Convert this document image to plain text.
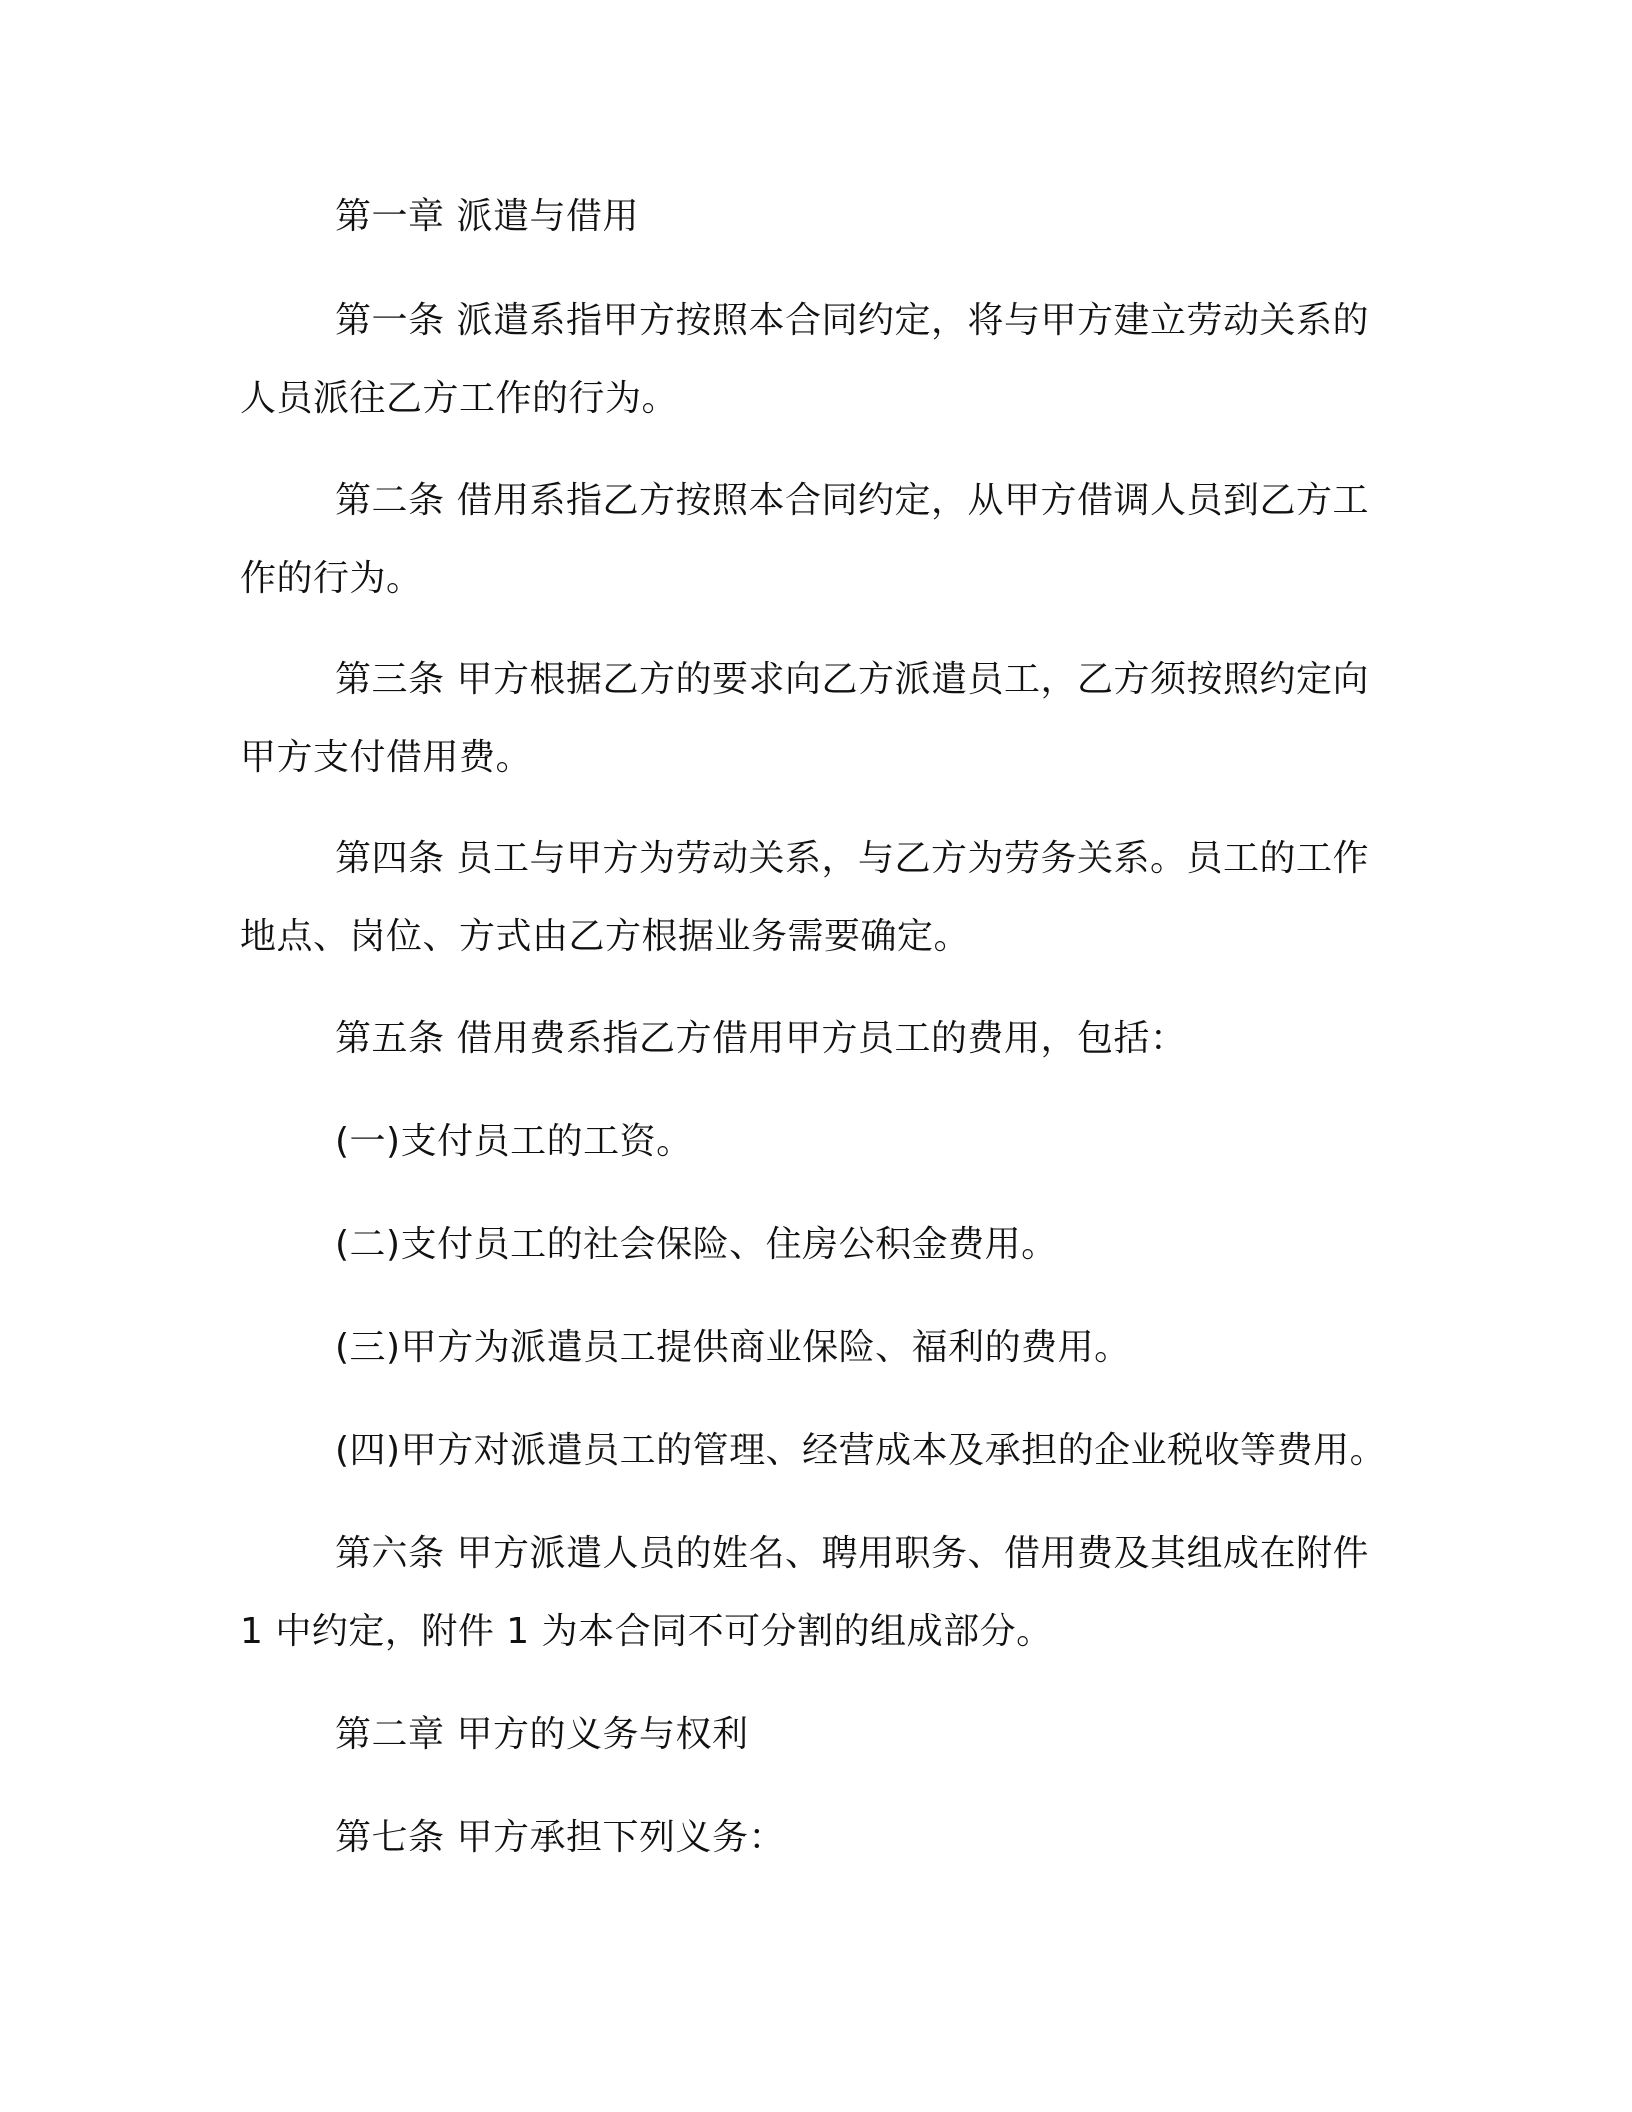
第一章 派遣与借用
第一条 派遣系指甲方按照本合同约定，将与甲方建立劳动关系的
人员派往乙方工作的行为。
第二条 借用系指乙方按照本合同约定，从甲方借调人员到乙方工
作的行为。
第三条 甲方根据乙方的要求向乙方派遣员工，乙方须按照约定向
甲方支付借用费。
第四条 员工与甲方为劳动关系，与乙方为劳务关系。员工的工作
地点、岗位、方式由乙方根据业务需要确定。
第五条 借用费系指乙方借用甲方员工的费用，包括：
(一)支付员工的工资。
(二)支付员工的社会保险、住房公积金费用。
(三)甲方为派遣员工提供商业保险、福利的费用。
(四)甲方对派遣员工的管理、经营成本及承担的企业税收等费用。
第六条 甲方派遣人员的姓名、聘用职务、借用费及其组成在附件
1 中约定，附件 1 为本合同不可分割的组成部分。
第二章 甲方的义务与权利
第七条 甲方承担下列义务：
